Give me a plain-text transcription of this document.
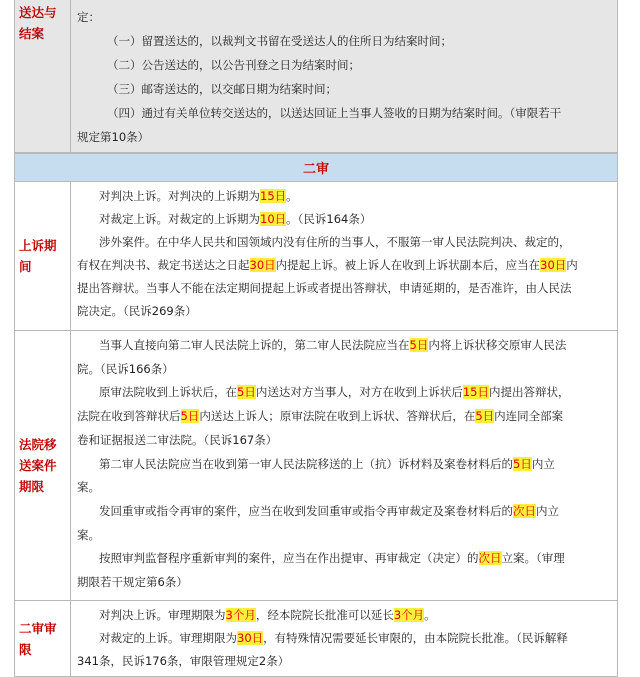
送达与
结案
定：
（一）留置送达的，以裁判文书留在受送达人的住所日为结案时间；
（二）公告送达的，以公告刊登之日为结案时间；
（三）邮寄送达的，以交邮日期为结案时间；
（四）通过有关单位转交送达的，以送达回证上当事人签收的日期为结案时间。（审限若干
规定第10条）
二审
上诉期
间
对判决上诉。对判决的上诉期为15日。
对裁定上诉。对裁定的上诉期为10日。（民诉164条）
涉外案件。在中华人民共和国领域内没有住所的当事人，不服第一审人民法院判决、裁定的，
有权在判决书、裁定书送达之日起30日内提起上诉。被上诉人在收到上诉状副本后，应当在30日内
提出答辩状。当事人不能在法定期间提起上诉或者提出答辩状，申请延期的，是否准许，由人民法
院决定。（民诉269条）
法院移
送案件
期限
当事人直接向第二审人民法院上诉的，第二审人民法院应当在5日内将上诉状移交原审人民法
院。（民诉166条）
原审法院收到上诉状后，在5日内送达对方当事人，对方在收到上诉状后15日内提出答辩状，
法院在收到答辩状后5日内送达上诉人；原审法院在收到上诉状、答辩状后，在5日内连同全部案
卷和证据报送二审法院。（民诉167条）
第二审人民法院应当在收到第一审人民法院移送的上（抗）诉材料及案卷材料后的5日内立
案。
发回重审或指令再审的案件，应当在收到发回重审或指令再审裁定及案卷材料后的次日内立
案。
按照审判监督程序重新审判的案件，应当在作出提审、再审裁定（决定）的次日立案。（审理
期限若干规定第6条）
二审审
限
对判决上诉。审理期限为3个月，经本院院长批准可以延长3个月。
对裁定的上诉。审理期限为30日，有特殊情况需要延长审限的，由本院院长批准。（民诉解释
341条，民诉176条，审限管理规定2条）
